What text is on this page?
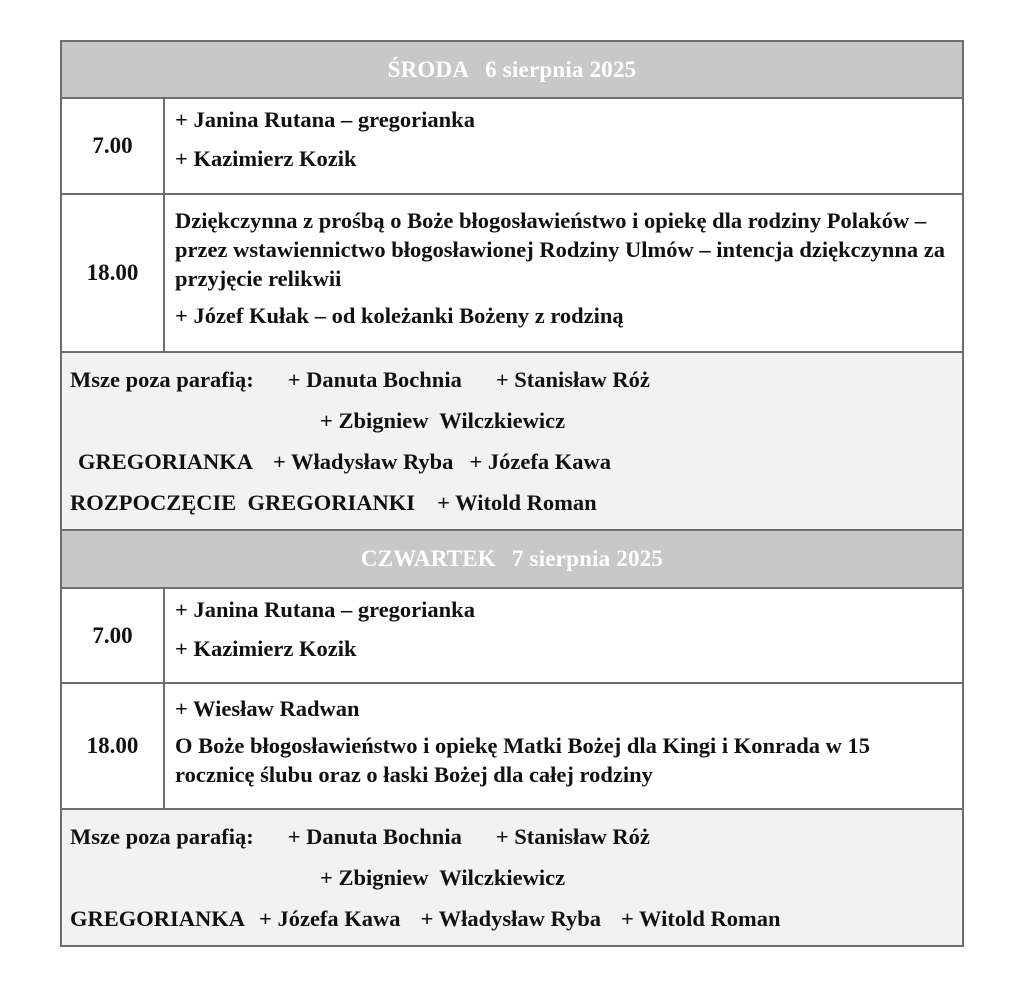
ŚRODA 6 sierpnia 2025
7.00
+ Janina Rutana – gregorianka
+ Kazimierz Kozik
18.00
Dziękczynna z prośbą o Boże błogosławieństwo i opiekę dla rodziny Polaków – przez wstawiennictwo błogosławionej Rodziny Ulmów – intencja dziękczynna za przyjęcie relikwii
+ Józef Kułak – od koleżanki Bożeny z rodziną
Msze poza parafią: + Danuta Bochnia + Stanisław Róż
+ Zbigniew  Wilczkiewicz
GREGORIANKA + Władysław Ryba + Józefa Kawa
ROZPOCZĘCIE  GREGORIANKI + Witold Roman
CZWARTEK 7 sierpnia 2025
7.00
+ Janina Rutana – gregorianka
+ Kazimierz Kozik
18.00
+ Wiesław Radwan
O Boże błogosławieństwo i opiekę Matki Bożej dla Kingi i Konrada w 15 rocznicę ślubu oraz o łaski Bożej dla całej rodziny
Msze poza parafią: + Danuta Bochnia + Stanisław Róż
+ Zbigniew  Wilczkiewicz
GREGORIANKA + Józefa Kawa + Władysław Ryba + Witold Roman
